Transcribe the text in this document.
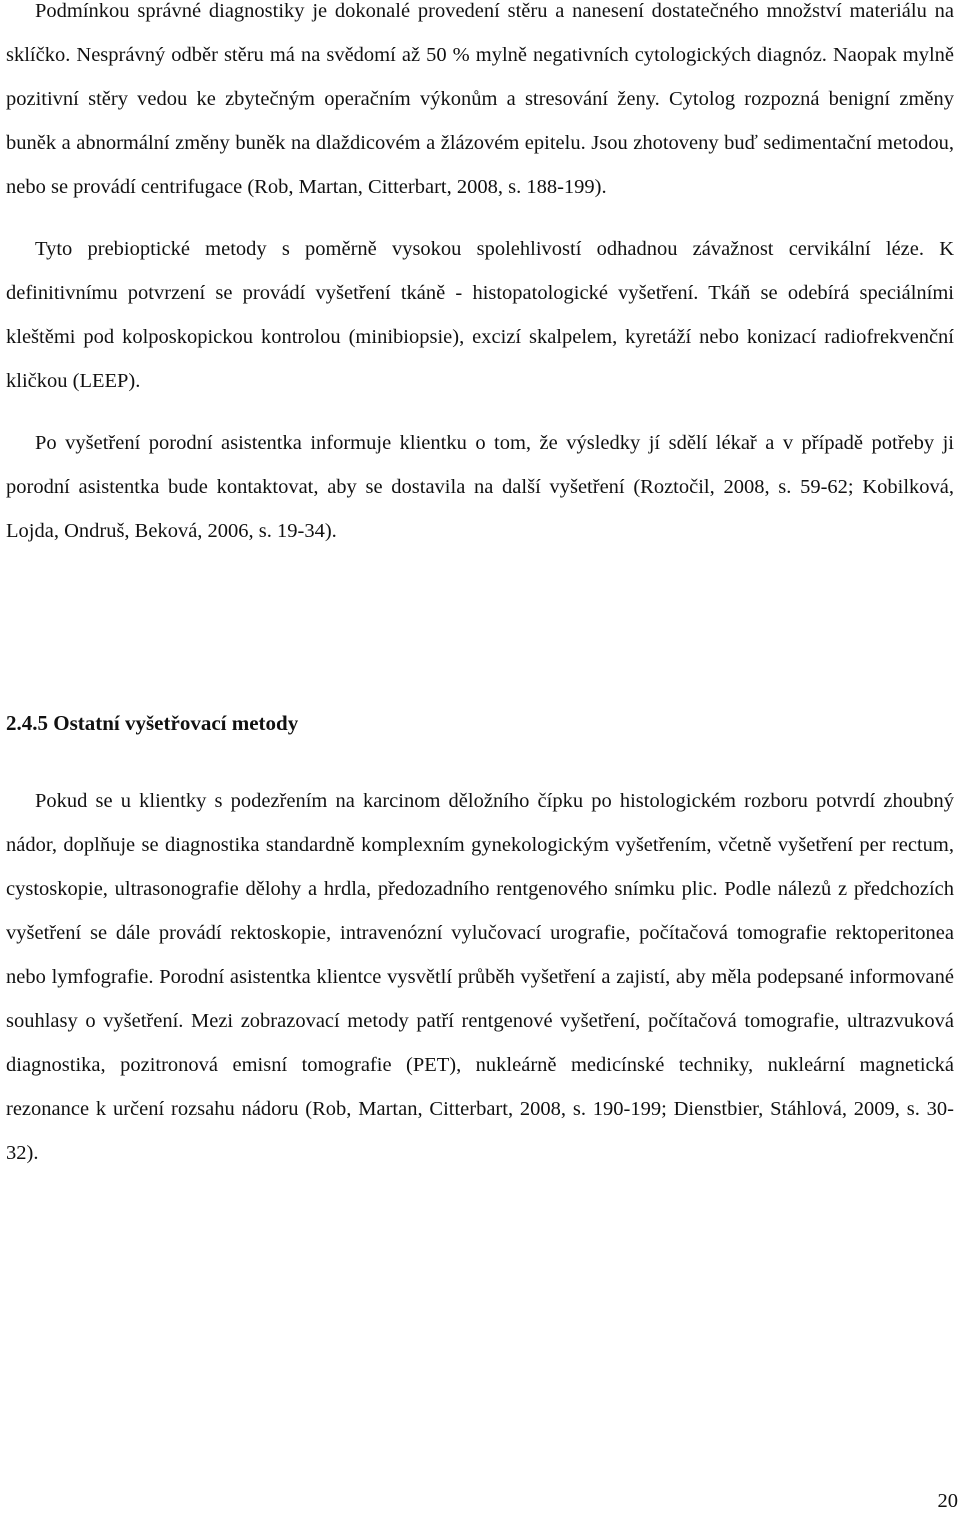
Podmínkou správné diagnostiky je dokonalé provedení stěru a nanesení dostatečného množství materiálu na sklíčko. Nesprávný odběr stěru má na svědomí až 50 % mylně negativních cytologických diagnóz. Naopak mylně pozitivní stěry vedou ke zbytečným operačním výkonům a stresování ženy. Cytolog rozpozná benigní změny buněk a abnormální změny buněk na dlaždicovém a žlázovém epitelu. Jsou zhotoveny buď sedimentační metodou, nebo se provádí centrifugace (Rob, Martan, Citterbart, 2008, s. 188-199).

Tyto prebioptické metody s poměrně vysokou spolehlivostí odhadnou závažnost cervikální léze. K definitivnímu potvrzení se provádí vyšetření tkáně - histopatologické vyšetření. Tkáň se odebírá speciálními kleštěmi pod kolposkopickou kontrolou (minibiopsie), excizí skalpelem, kyretáží nebo konizací radiofrekvenční kličkou (LEEP).

Po vyšetření porodní asistentka informuje klientku o tom, že výsledky jí sdělí lékař a v případě potřeby ji porodní asistentka bude kontaktovat, aby se dostavila na další vyšetření (Roztočil, 2008, s. 59-62; Kobilková, Lojda, Ondruš, Beková, 2006, s. 19-34).

2.4.5 Ostatní vyšetřovací metody

Pokud se u klientky s podezřením na karcinom děložního čípku po histologickém rozboru potvrdí zhoubný nádor, doplňuje se diagnostika standardně komplexním gynekologickým vyšetřením, včetně vyšetření per rectum, cystoskopie, ultrasonografie dělohy a hrdla, předozadního rentgenového snímku plic. Podle nálezů z předchozích vyšetření se dále provádí rektoskopie, intravenózní vylučovací urografie, počítačová tomografie rektoperitonea nebo lymfografie. Porodní asistentka klientce vysvětlí průběh vyšetření a zajistí, aby měla podepsané informované souhlasy o vyšetření. Mezi zobrazovací metody patří rentgenové vyšetření, počítačová tomografie, ultrazvuková diagnostika, pozitronová emisní tomografie (PET), nukleárně medicínské techniky, nukleární magnetická rezonance k určení rozsahu nádoru (Rob, Martan, Citterbart, 2008, s. 190-199; Dienstbier, Stáhlová, 2009, s. 30-32).

20
